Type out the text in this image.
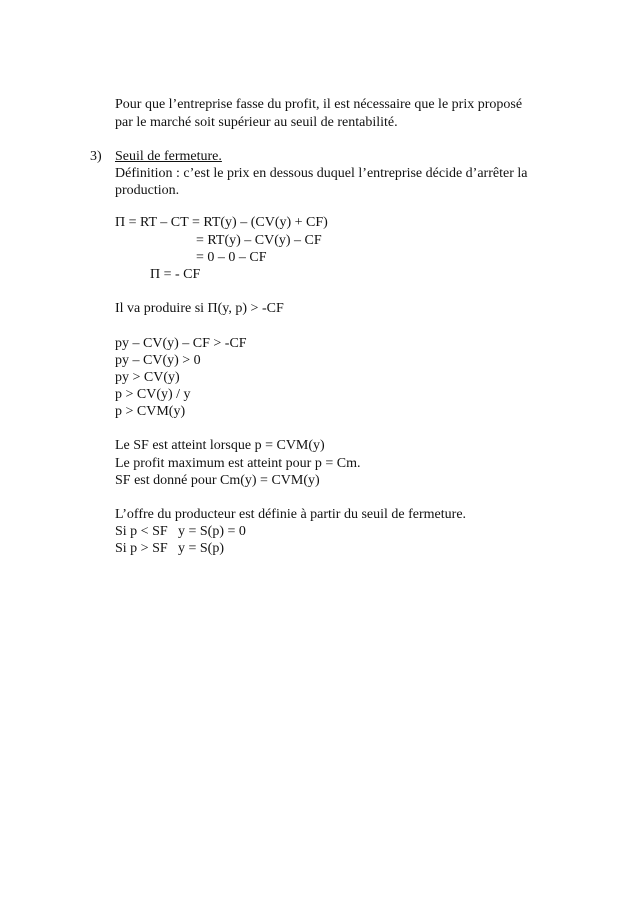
Pour que l’entreprise fasse du profit, il est nécessaire que le prix proposé
par le marché soit supérieur au seuil de rentabilité.
3) Seuil de fermeture.
Définition : c’est le prix en dessous duquel l’entreprise décide d’arrêter la
production.
Π = RT – CT = RT(y) – (CV(y) + CF)
= RT(y) – CV(y) – CF
= 0 – 0 – CF
Π = - CF
Il va produire si Π(y, p) > -CF
py – CV(y) – CF > -CF
py – CV(y) > 0
py > CV(y)
p > CV(y) / y
p > CVM(y)
Le SF est atteint lorsque p = CVM(y)
Le profit maximum est atteint pour p = Cm.
SF est donné pour Cm(y) = CVM(y)
L’offre du producteur est définie à partir du seuil de fermeture.
Si p < SF y = S(p) = 0
Si p > SF y = S(p)
